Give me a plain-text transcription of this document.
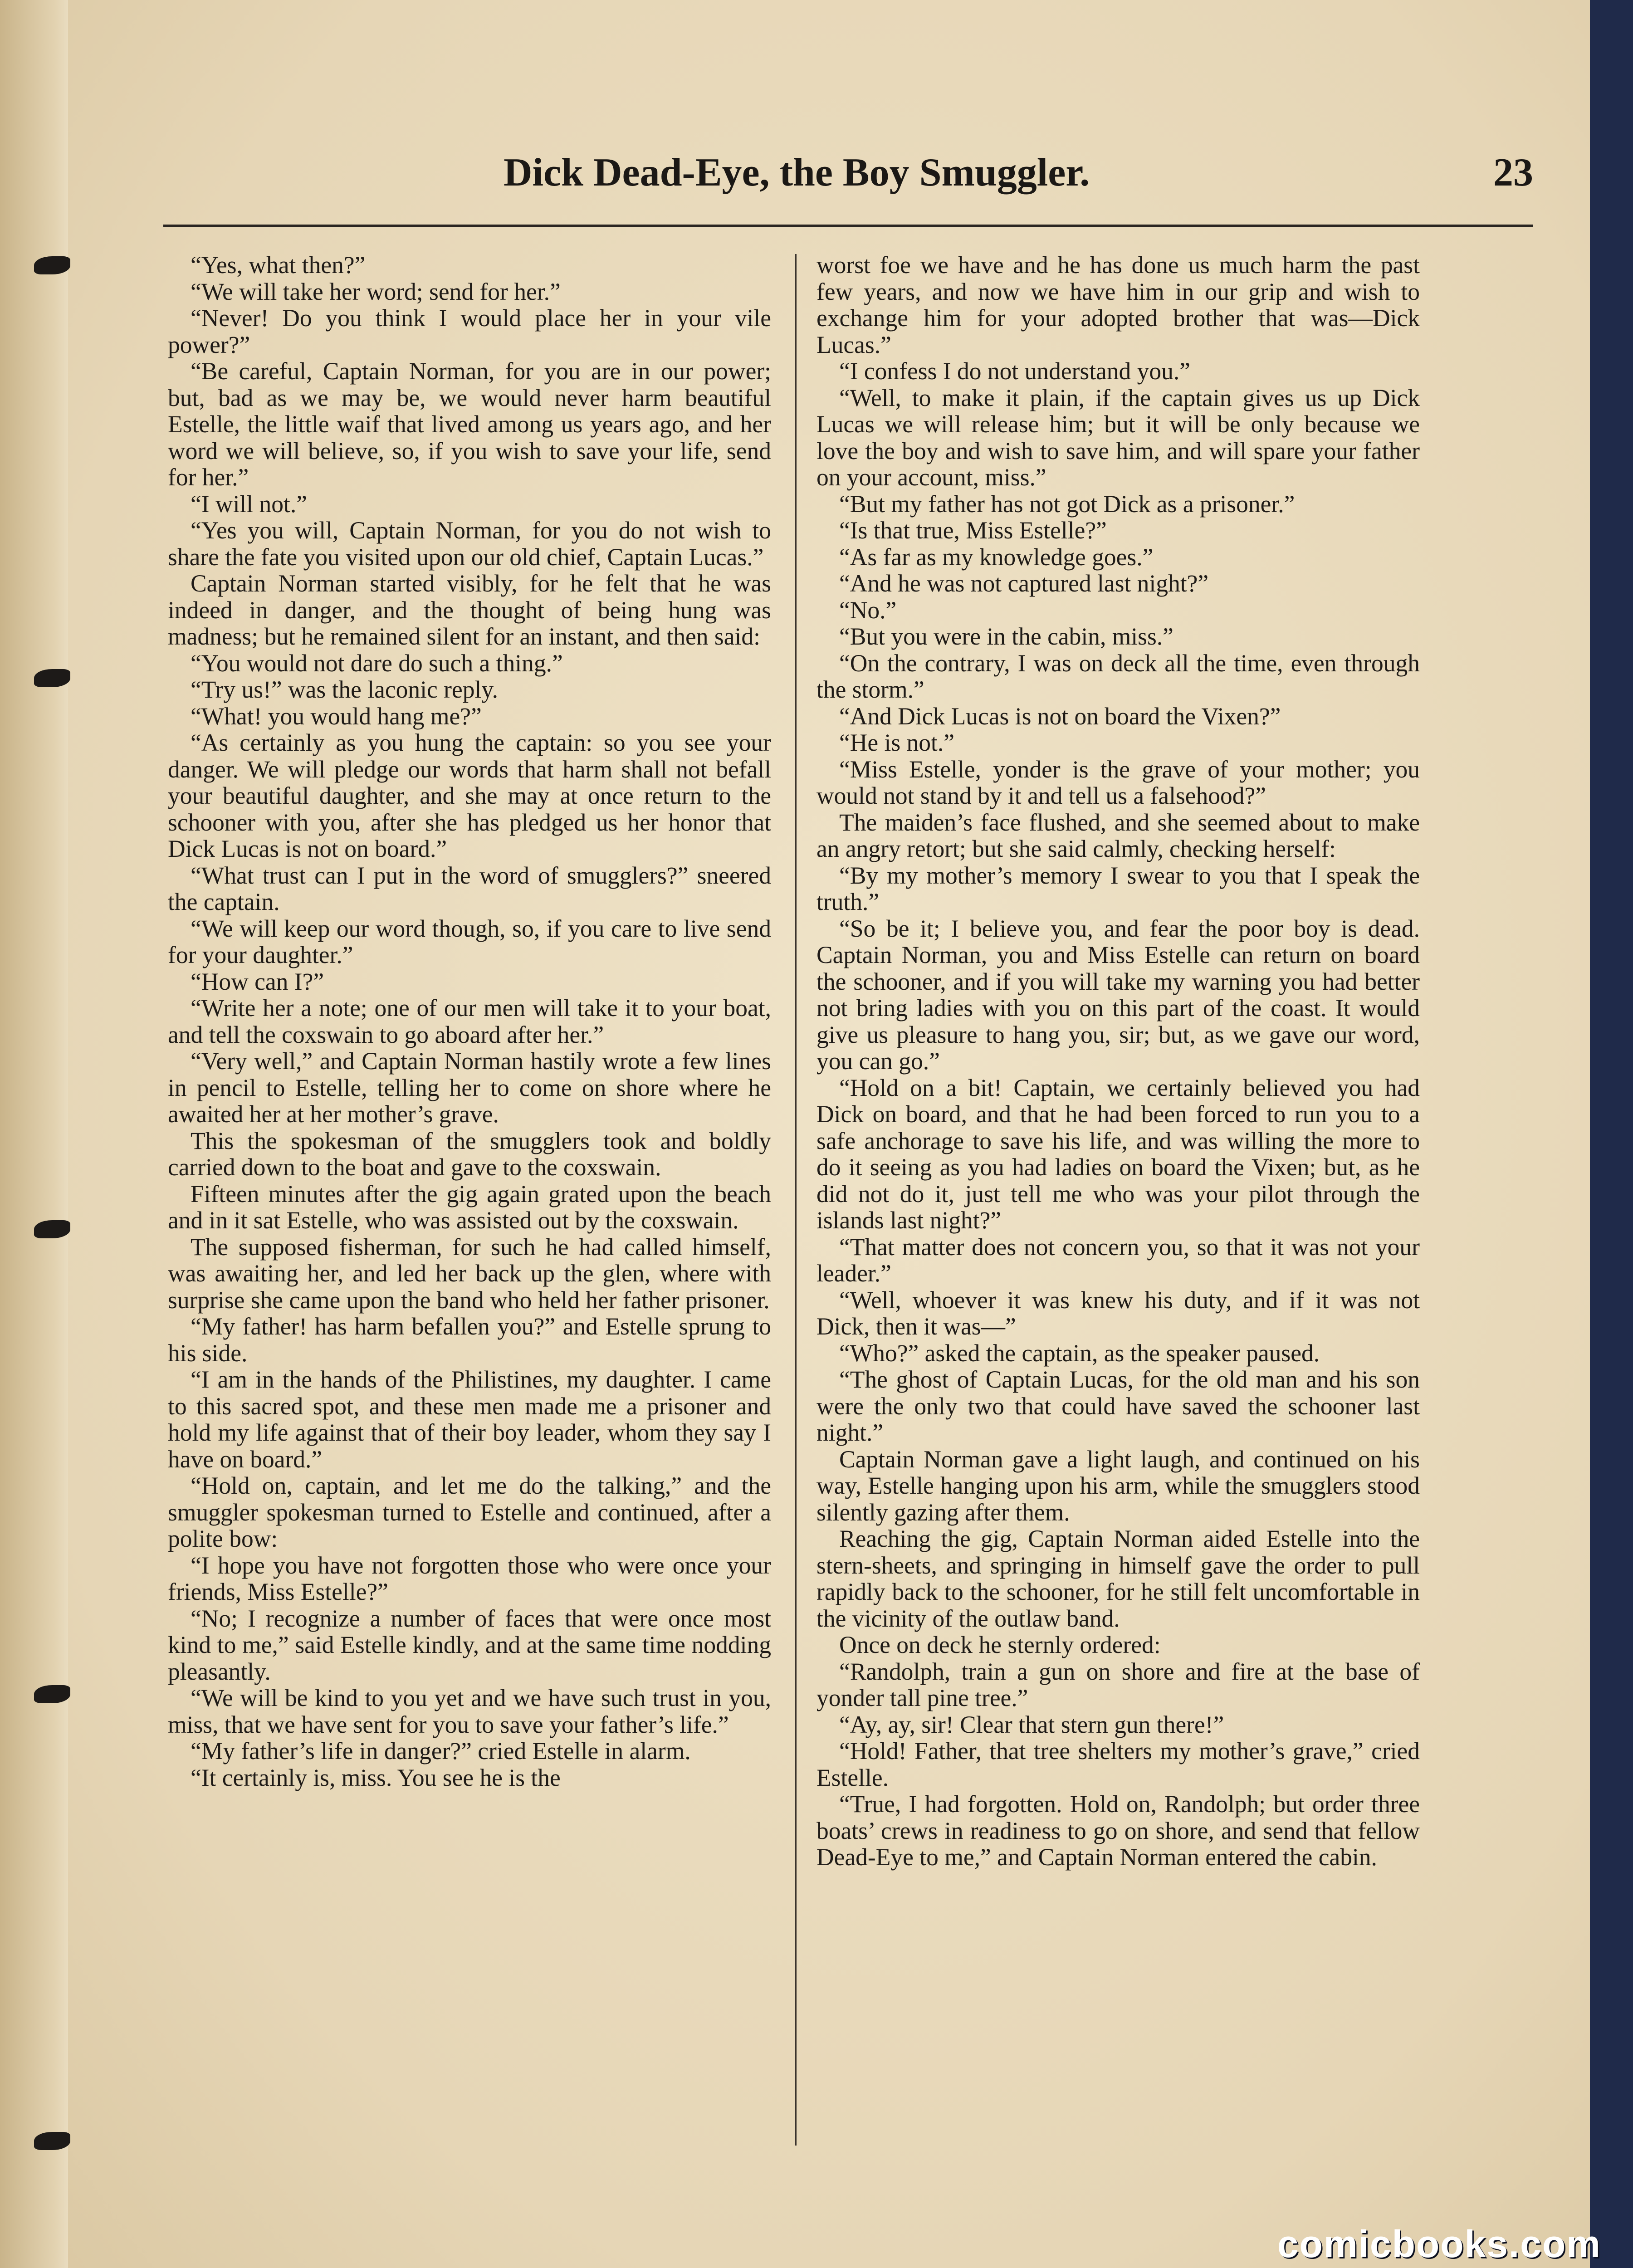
Dick Dead-Eye, the Boy Smuggler.	23

“Yes, what then?”

“We will take her word; send for her.”

“Never! Do you think I would place her in your vile power?”

“Be careful, Captain Norman, for you are in our power; but, bad as we may be, we would never harm beautiful Estelle, the little waif that lived among us years ago, and her word we will believe, so, if you wish to save your life, send for her.”

“I will not.”

“Yes you will, Captain Norman, for you do not wish to share the fate you visited upon our old chief, Captain Lucas.”

Captain Norman started visibly, for he felt that he was indeed in danger, and the thought of being hung was madness; but he remained silent for an instant, and then said:

“You would not dare do such a thing.”

“Try us!” was the laconic reply.

“What! you would hang me?”

“As certainly as you hung the captain: so you see your danger. We will pledge our words that harm shall not befall your beautiful daughter, and she may at once return to the schooner with you, after she has pledged us her honor that Dick Lucas is not on board.”

“What trust can I put in the word of smugglers?” sneered the captain.

“We will keep our word though, so, if you care to live send for your daughter.”

“How can I?”

“Write her a note; one of our men will take it to your boat, and tell the coxswain to go aboard after her.”

“Very well,” and Captain Norman hastily wrote a few lines in pencil to Estelle, telling her to come on shore where he awaited her at her mother’s grave.

This the spokesman of the smugglers took and boldly carried down to the boat and gave to the coxswain.

Fifteen minutes after the gig again grated upon the beach and in it sat Estelle, who was assisted out by the coxswain.

The supposed fisherman, for such he had called himself, was awaiting her, and led her back up the glen, where with surprise she came upon the band who held her father prisoner.

“My father! has harm befallen you?” and Estelle sprung to his side.

“I am in the hands of the Philistines, my daughter. I came to this sacred spot, and these men made me a prisoner and hold my life against that of their boy leader, whom they say I have on board.”

“Hold on, captain, and let me do the talking,” and the smuggler spokesman turned to Estelle and continued, after a polite bow:

“I hope you have not forgotten those who were once your friends, Miss Estelle?”

“No; I recognize a number of faces that were once most kind to me,” said Estelle kindly, and at the same time nodding pleasantly.

“We will be kind to you yet and we have such trust in you, miss, that we have sent for you to save your father’s life.”

“My father’s life in danger?” cried Estelle in alarm.

“It certainly is, miss. You see he is the

worst foe we have and he has done us much harm the past few years, and now we have him in our grip and wish to exchange him for your adopted brother that was—Dick Lucas.”

“I confess I do not understand you.”

“Well, to make it plain, if the captain gives us up Dick Lucas we will release him; but it will be only because we love the boy and wish to save him, and will spare your father on your account, miss.”

“But my father has not got Dick as a prisoner.”

“Is that true, Miss Estelle?”

“As far as my knowledge goes.”

“And he was not captured last night?”

“No.”

“But you were in the cabin, miss.”

“On the contrary, I was on deck all the time, even through the storm.”

“And Dick Lucas is not on board the Vixen?”

“He is not.”

“Miss Estelle, yonder is the grave of your mother; you would not stand by it and tell us a falsehood?”

The maiden’s face flushed, and she seemed about to make an angry retort; but she said calmly, checking herself:

“By my mother’s memory I swear to you that I speak the truth.”

“So be it; I believe you, and fear the poor boy is dead. Captain Norman, you and Miss Estelle can return on board the schooner, and if you will take my warning you had better not bring ladies with you on this part of the coast. It would give us pleasure to hang you, sir; but, as we gave our word, you can go.”

“Hold on a bit! Captain, we certainly believed you had Dick on board, and that he had been forced to run you to a safe anchorage to save his life, and was willing the more to do it seeing as you had ladies on board the Vixen; but, as he did not do it, just tell me who was your pilot through the islands last night?”

“That matter does not concern you, so that it was not your leader.”

“Well, whoever it was knew his duty, and if it was not Dick, then it was—”

“Who?” asked the captain, as the speaker paused.

“The ghost of Captain Lucas, for the old man and his son were the only two that could have saved the schooner last night.”

Captain Norman gave a light laugh, and continued on his way, Estelle hanging upon his arm, while the smugglers stood silently gazing after them.

Reaching the gig, Captain Norman aided Estelle into the stern-sheets, and springing in himself gave the order to pull rapidly back to the schooner, for he still felt uncomfortable in the vicinity of the outlaw band.

Once on deck he sternly ordered:

“Randolph, train a gun on shore and fire at the base of yonder tall pine tree.”

“Ay, ay, sir! Clear that stern gun there!”

“Hold! Father, that tree shelters my mother’s grave,” cried Estelle.

“True, I had forgotten. Hold on, Randolph; but order three boats’ crews in readiness to go on shore, and send that fellow Dead-Eye to me,” and Captain Norman entered the cabin.

comicbooks.com
